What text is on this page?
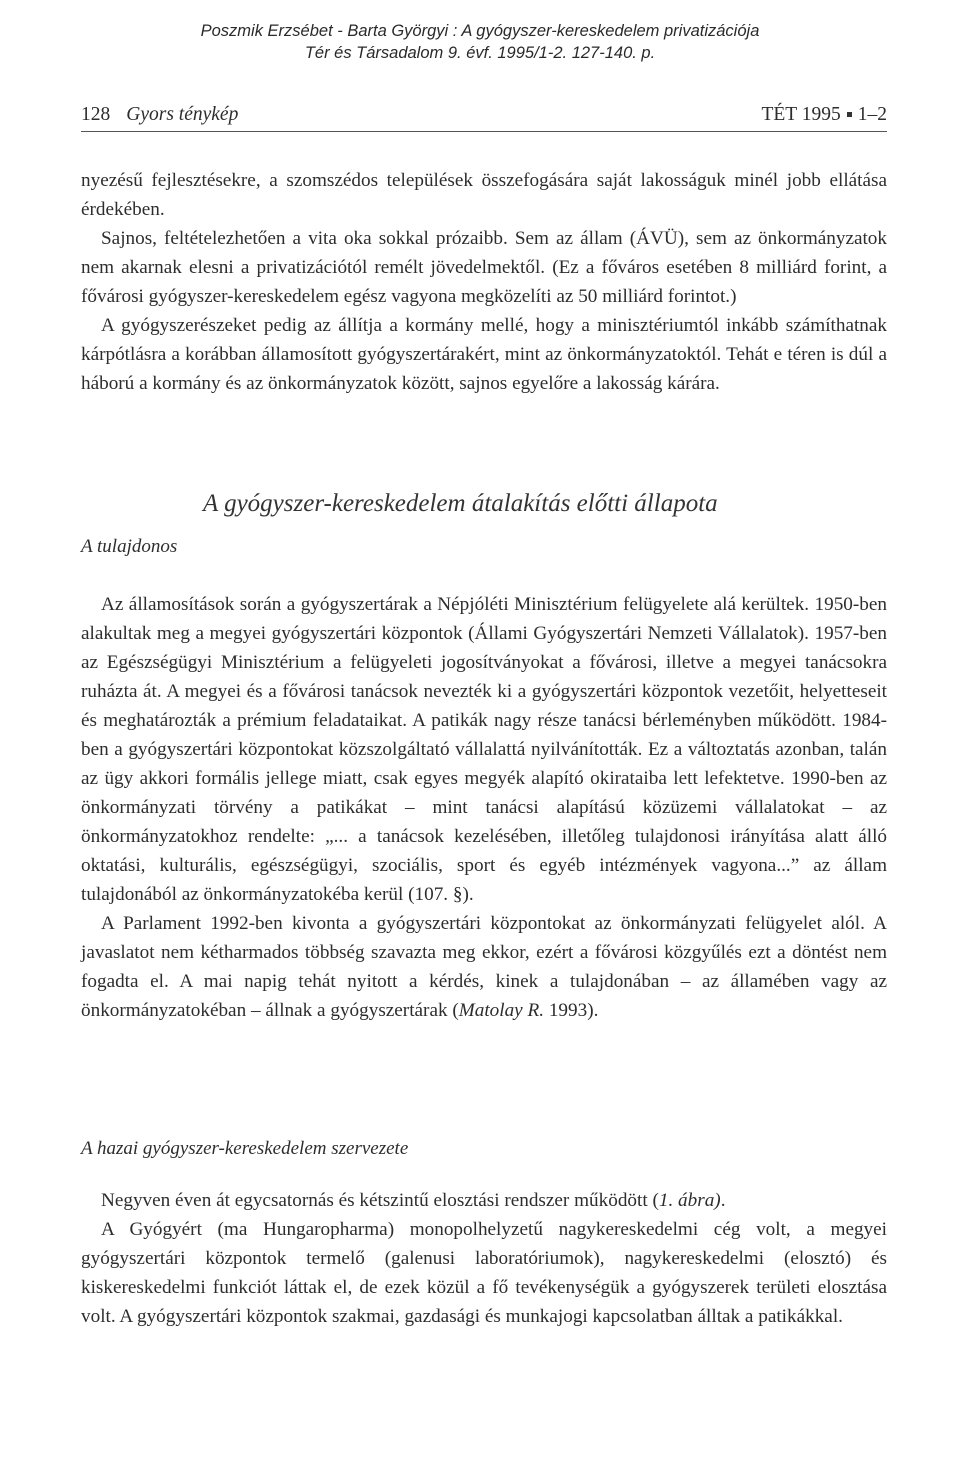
Poszmik Erzsébet - Barta Györgyi : A gyógyszer-kereskedelem privatizációja
Tér és Társadalom 9. évf. 1995/1-2. 127-140. p.
128 Gyors ténykép	TÉT 1995 1–2

nyezésű fejlesztésekre, a szomszédos települések összefogására saját lakosságuk minél jobb ellátása érdekében.

Sajnos, feltételezhetően a vita oka sokkal prózaibb. Sem az állam (ÁVÜ), sem az önkormányzatok nem akarnak elesni a privatizációtól remélt jövedelmektől. (Ez a főváros esetében 8 milliárd forint, a fővárosi gyógyszer-kereskedelem egész vagyona megközelíti az 50 milliárd forintot.)

A gyógyszerészeket pedig az állítja a kormány mellé, hogy a minisztériumtól inkább számíthatnak kárpótlásra a korábban államosított gyógyszertárakért, mint az önkormányzatoktól. Tehát e téren is dúl a háború a kormány és az önkormányzatok között, sajnos egyelőre a lakosság kárára.

A gyógyszer-kereskedelem átalakítás előtti állapota
A tulajdonos

Az államosítások során a gyógyszertárak a Népjóléti Minisztérium felügyelete alá kerültek. 1950-ben alakultak meg a megyei gyógyszertári központok (Állami Gyógyszertári Nemzeti Vállalatok). 1957-ben az Egészségügyi Minisztérium a felügyeleti jogosítványokat a fővárosi, illetve a megyei tanácsokra ruházta át. A megyei és a fővárosi tanácsok nevezték ki a gyógyszertári központok vezetőit, helyetteseit és meghatározták a prémium feladataikat. A patikák nagy része tanácsi bérleményben működött. 1984-ben a gyógyszertári központokat közszolgáltató vállalattá nyilvánították. Ez a változtatás azonban, talán az ügy akkori formális jellege miatt, csak egyes megyék alapító okirataiba lett lefektetve. 1990-ben az önkormányzati törvény a patikákat – mint tanácsi alapítású közüzemi vállalatokat – az önkormányzatokhoz rendelte: „... a tanácsok kezelésében, illetőleg tulajdonosi irányítása alatt álló oktatási, kulturális, egészségügyi, szociális, sport és egyéb intézmények vagyona...” az állam tulajdonából az önkormányzatokéba kerül (107. §).

A Parlament 1992-ben kivonta a gyógyszertári központokat az önkormányzati felügyelet alól. A javaslatot nem kétharmados többség szavazta meg ekkor, ezért a fővárosi közgyűlés ezt a döntést nem fogadta el. A mai napig tehát nyitott a kérdés, kinek a tulajdonában – az államében vagy az önkormányzatokéban – állnak a gyógyszertárak (Matolay R. 1993).

A hazai gyógyszer-kereskedelem szervezete

Negyven éven át egycsatornás és kétszintű elosztási rendszer működött (1. ábra).

A Gyógyért (ma Hungaropharma) monopolhelyzetű nagykereskedelmi cég volt, a megyei gyógyszertári központok termelő (galenusi laboratóriumok), nagykereskedelmi (elosztó) és kiskereskedelmi funkciót láttak el, de ezek közül a fő tevékenységük a gyógyszerek területi elosztása volt. A gyógyszertári központok szakmai, gazdasági és munkajogi kapcsolatban álltak a patikákkal.
